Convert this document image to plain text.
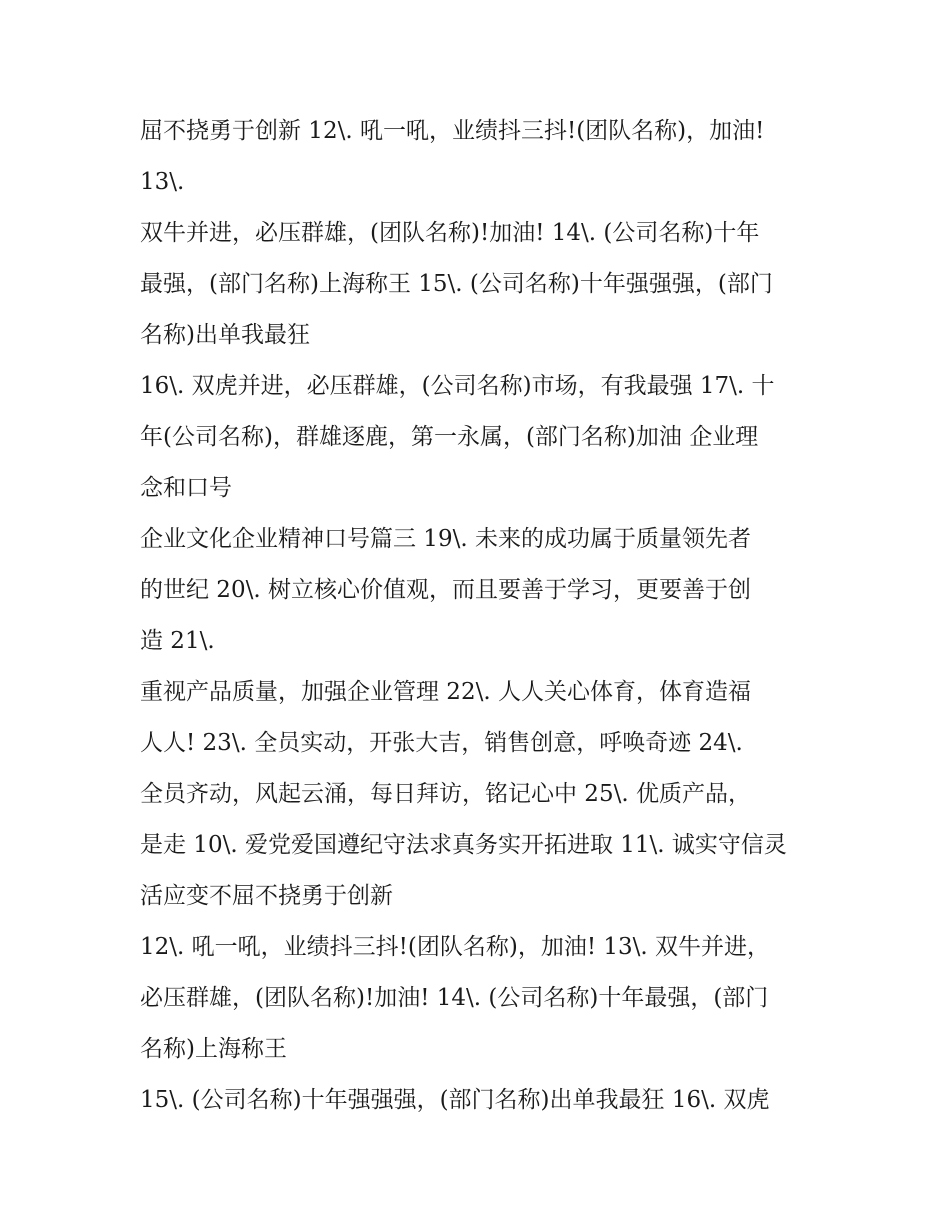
屈不挠勇于创新 12\. 吼一吼，业绩抖三抖!(团队名称)，加油!
13\.
双牛并进，必压群雄，(团队名称)!加油! 14\. (公司名称)十年
最强，(部门名称)上海称王 15\. (公司名称)十年强强强，(部门
名称)出单我最狂
16\. 双虎并进，必压群雄，(公司名称)市场，有我最强 17\. 十
年(公司名称)，群雄逐鹿，第一永属，(部门名称)加油 企业理
念和口号
企业文化企业精神口号篇三 19\. 未来的成功属于质量领先者
的世纪 20\. 树立核心价值观，而且要善于学习，更要善于创
造 21\.
重视产品质量，加强企业管理 22\. 人人关心体育，体育造福
人人! 23\. 全员实动，开张大吉，销售创意，呼唤奇迹 24\.
全员齐动，风起云涌，每日拜访，铭记心中 25\. 优质产品，
是走 10\. 爱党爱国遵纪守法求真务实开拓进取 11\. 诚实守信灵
活应变不屈不挠勇于创新
12\. 吼一吼，业绩抖三抖!(团队名称)，加油! 13\. 双牛并进，
必压群雄，(团队名称)!加油! 14\. (公司名称)十年最强，(部门
名称)上海称王
15\. (公司名称)十年强强强，(部门名称)出单我最狂 16\. 双虎
